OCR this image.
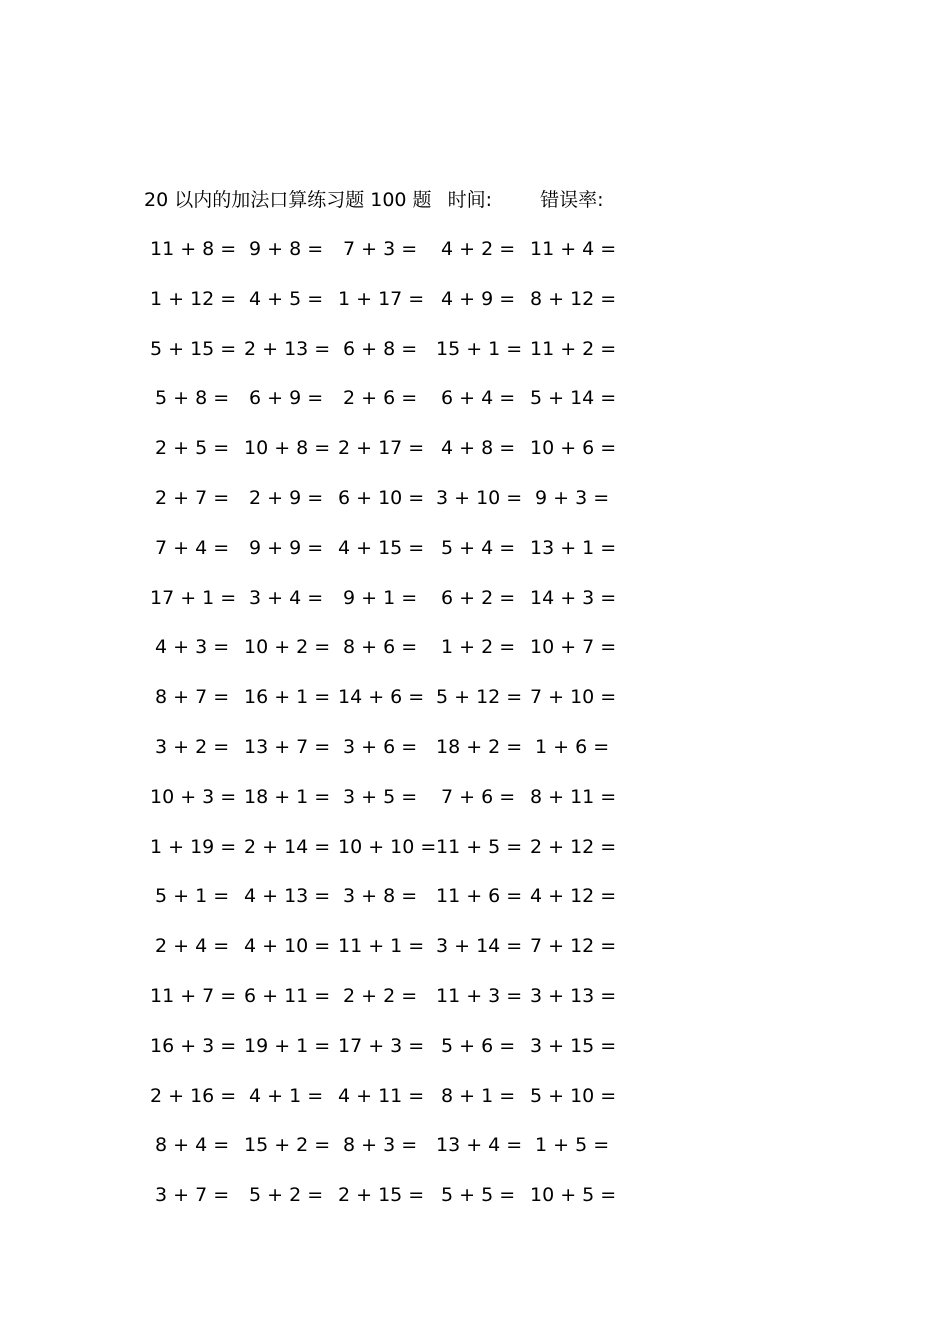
20 以内的加法口算练习题 100 题 时间:	错误率:
11 + 8 = 9 + 8 = 7 + 3 = 4 + 2 = 11 + 4 =
1 + 12 = 4 + 5 = 1 + 17 = 4 + 9 = 8 + 12 =
5 + 15 = 2 + 13 = 6 + 8 = 15 + 1 = 11 + 2 =
5 + 8 = 6 + 9 = 2 + 6 = 6 + 4 = 5 + 14 =
2 + 5 = 10 + 8 = 2 + 17 = 4 + 8 = 10 + 6 =
2 + 7 = 2 + 9 = 6 + 10 = 3 + 10 = 9 + 3 =
7 + 4 = 9 + 9 = 4 + 15 = 5 + 4 = 13 + 1 =
17 + 1 = 3 + 4 = 9 + 1 = 6 + 2 = 14 + 3 =
4 + 3 = 10 + 2 = 8 + 6 = 1 + 2 = 10 + 7 =
8 + 7 = 16 + 1 = 14 + 6 = 5 + 12 = 7 + 10 =
3 + 2 = 13 + 7 = 3 + 6 = 18 + 2 = 1 + 6 =
10 + 3 = 18 + 1 = 3 + 5 = 7 + 6 = 8 + 11 =
1 + 19 = 2 + 14 = 10 + 10 = 11 + 5 = 2 + 12 =
5 + 1 = 4 + 13 = 3 + 8 = 11 + 6 = 4 + 12 =
2 + 4 = 4 + 10 = 11 + 1 = 3 + 14 = 7 + 12 =
11 + 7 = 6 + 11 = 2 + 2 = 11 + 3 = 3 + 13 =
16 + 3 = 19 + 1 = 17 + 3 = 5 + 6 = 3 + 15 =
2 + 16 = 4 + 1 = 4 + 11 = 8 + 1 = 5 + 10 =
8 + 4 = 15 + 2 = 8 + 3 = 13 + 4 = 1 + 5 =
3 + 7 = 5 + 2 = 2 + 15 = 5 + 5 = 10 + 5 =
